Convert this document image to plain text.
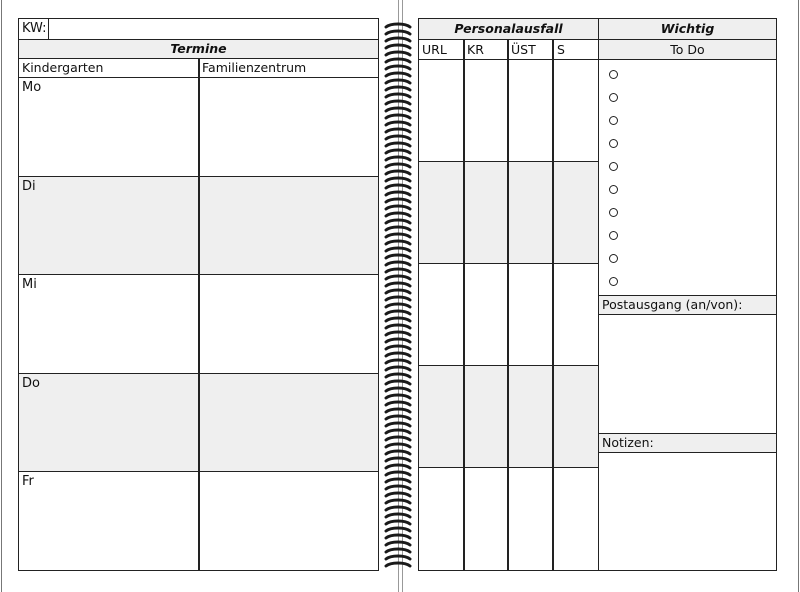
KW:
Termine
Kindergarten	Familienzentrum
Mo
Di
Mi
Do
Fr
Personalausfall	Wichtig
URL KR ÜST S	To Do
Postausgang (an/von):
Notizen:
